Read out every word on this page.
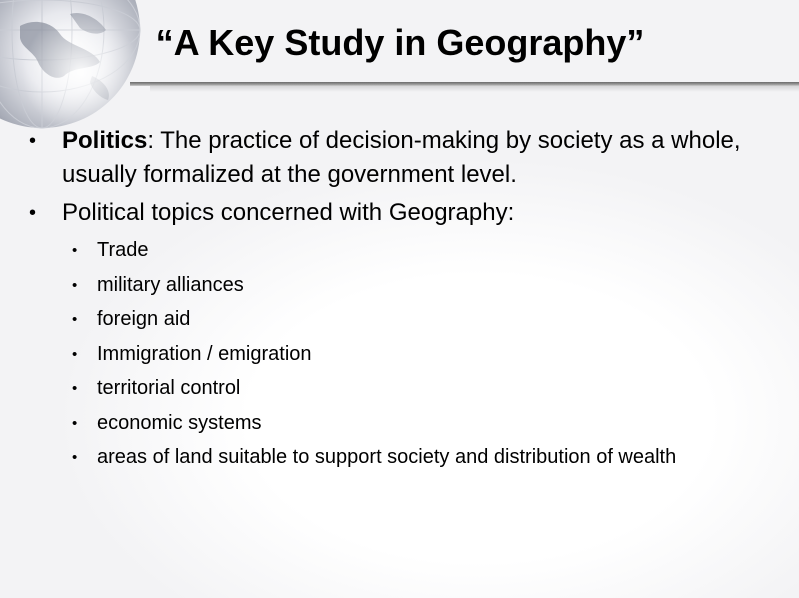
“A Key Study in Geography”
• Politics: The practice of decision-making by society as a whole, usually formalized at the government level.
• Political topics concerned with Geography:
• Trade
• military alliances
• foreign aid
• Immigration / emigration
• territorial control
• economic systems
• areas of land suitable to support society and distribution of wealth
